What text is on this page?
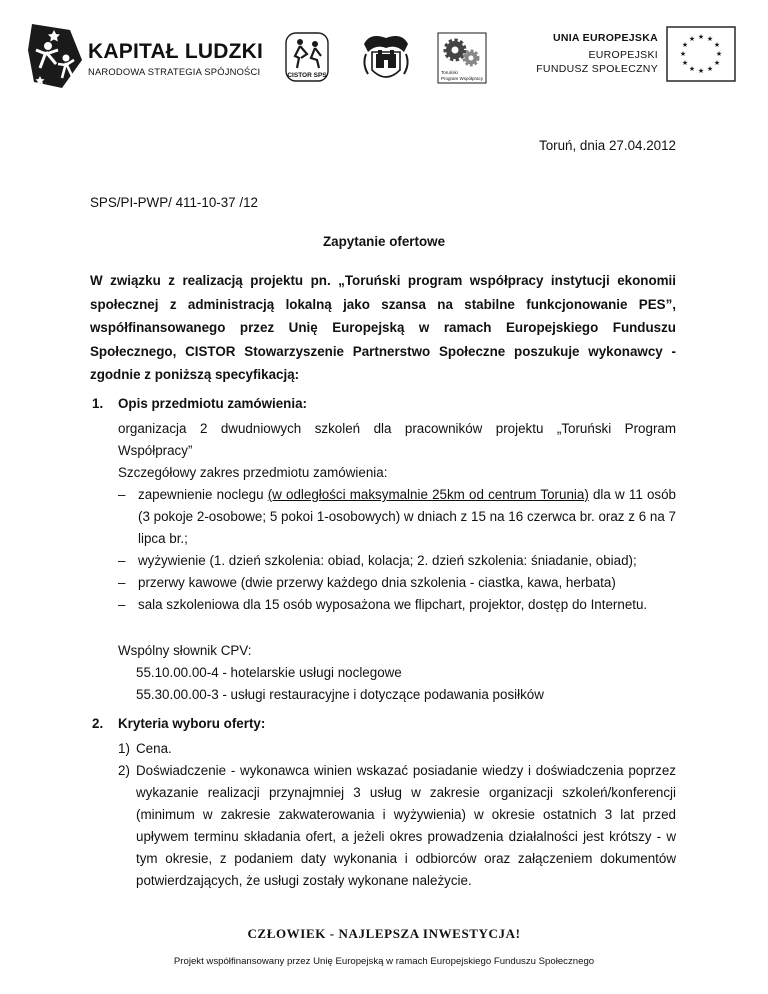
KAPITAŁ LUDZKI
NARODOWA STRATEGIA SPÓJNOŚCI	CISTOR SPS	Toruński
Program Współpracy
UNIA EUROPEJSKA
EUROPEJSKI
FUNDUSZ SPOŁECZNY
★ ★
★
★
★
★
★
★
★
★
★
★
Toruń, dnia 27.04.2012
SPS/PI-PWP/ 411-10-37 /12
Zapytanie ofertowe
W związku z realizacją projektu pn. „Toruński program współpracy instytucji ekonomii społecznej z administracją lokalną jako szansa na stabilne funkcjonowanie PES”, współfinansowanego przez Unię Europejską w ramach Europejskiego Funduszu Społecznego, CISTOR Stowarzyszenie Partnerstwo Społeczne poszukuje wykonawcy - zgodnie z poniższą specyfikacją:
1. Opis przedmiotu zamówienia:
organizacja 2 dwudniowych szkoleń dla pracowników projektu „Toruński Program Współpracy”
Szczegółowy zakres przedmiotu zamówienia:
– zapewnienie noclegu (w odległości maksymalnie 25km od centrum Torunia) dla w 11 osób (3 pokoje 2-osobowe; 5 pokoi 1-osobowych) w dniach z 15 na 16 czerwca br. oraz z 6 na 7 lipca br.;
– wyżywienie (1. dzień szkolenia: obiad, kolacja; 2. dzień szkolenia: śniadanie, obiad);
– przerwy kawowe (dwie przerwy każdego dnia szkolenia - ciastka, kawa, herbata)
– sala szkoleniowa dla 15 osób wyposażona we flipchart, projektor, dostęp do Internetu.
Wspólny słownik CPV:
55.10.00.00-4 - hotelarskie usługi noclegowe
55.30.00.00-3 - usługi restauracyjne i dotyczące podawania posiłków
2. Kryteria wyboru oferty:
1) Cena.
2) Doświadczenie - wykonawca winien wskazać posiadanie wiedzy i doświadczenia poprzez wykazanie realizacji przynajmniej 3 usług w zakresie organizacji szkoleń/konferencji (minimum w zakresie zakwaterowania i wyżywienia) w okresie ostatnich 3 lat przed upływem terminu składania ofert, a jeżeli okres prowadzenia działalności jest krótszy - w tym okresie, z podaniem daty wykonania i odbiorców oraz załączeniem dokumentów potwierdzających, że usługi zostały wykonane należycie.
CZŁOWIEK - NAJLEPSZA INWESTYCJA!
Projekt współfinansowany przez Unię Europejską w ramach Europejskiego Funduszu Społecznego
